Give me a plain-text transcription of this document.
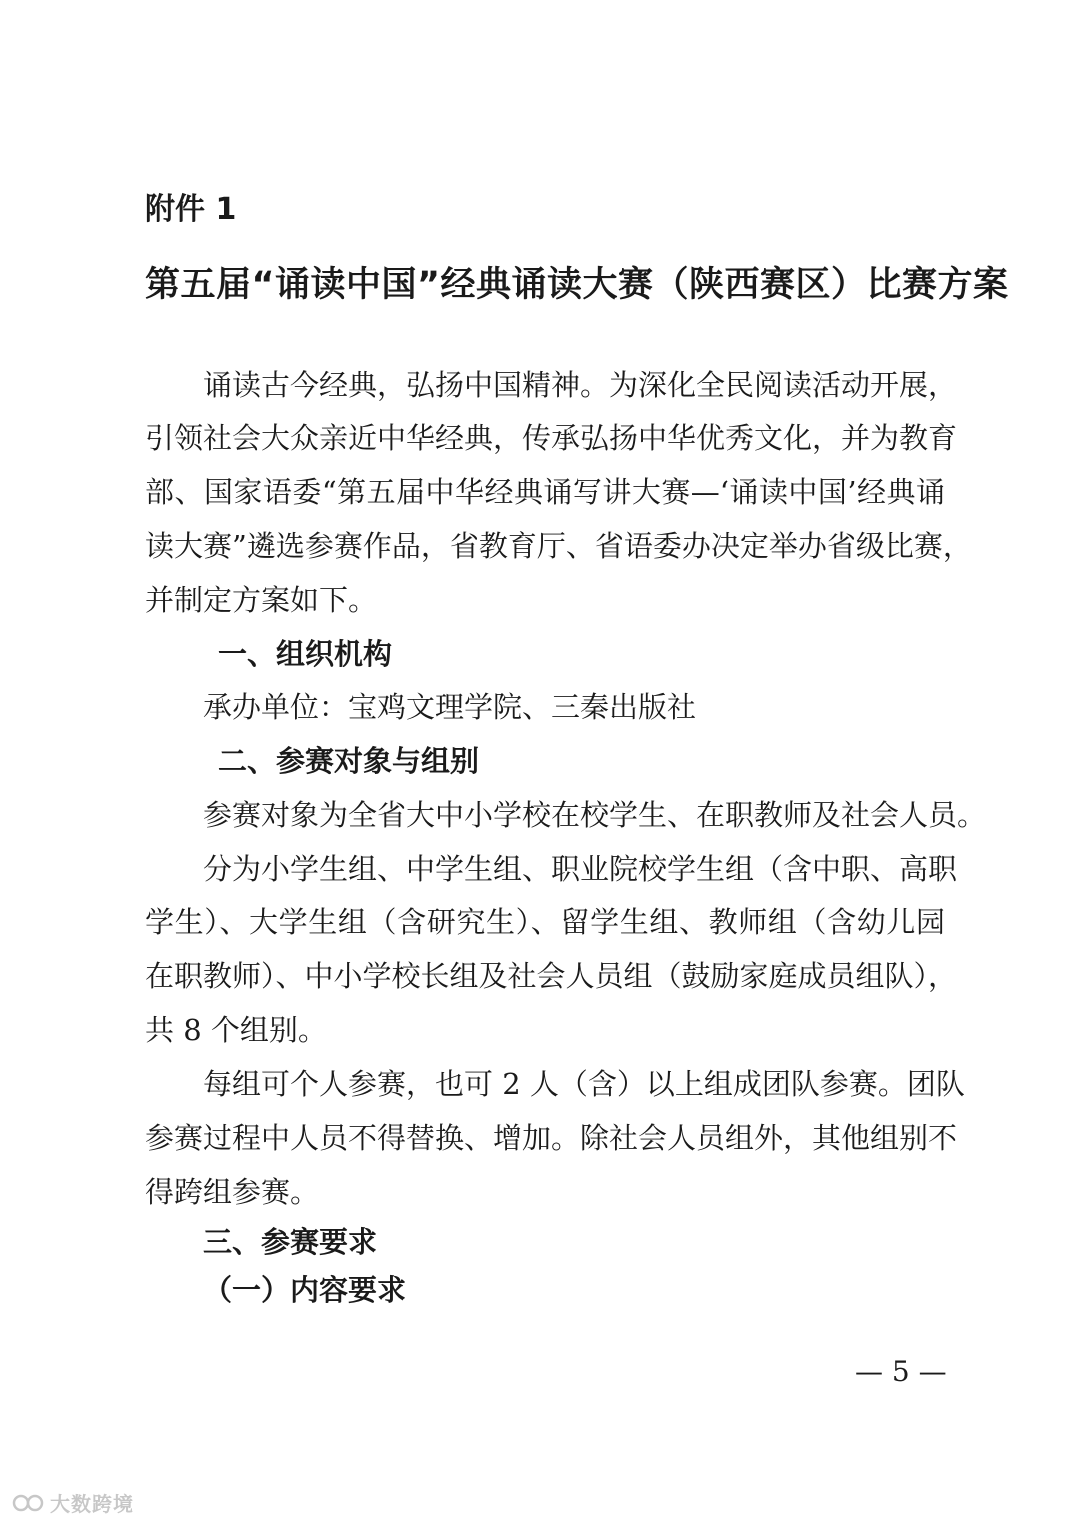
附件 1
第五届“诵读中国”经典诵读大赛（陕西赛区）比赛方案
诵读古今经典，弘扬中国精神。为深化全民阅读活动开展，
引领社会大众亲近中华经典，传承弘扬中华优秀文化，并为教育
部、国家语委“第五届中华经典诵写讲大赛—‘诵读中国’经典诵
读大赛”遴选参赛作品，省教育厅、省语委办决定举办省级比赛，
并制定方案如下。
一、组织机构
承办单位：宝鸡文理学院、三秦出版社
二、参赛对象与组别
参赛对象为全省大中小学校在校学生、在职教师及社会人员。
分为小学生组、中学生组、职业院校学生组（含中职、高职
学生）、大学生组（含研究生）、留学生组、教师组（含幼儿园
在职教师）、中小学校长组及社会人员组（鼓励家庭成员组队），
共 8 个组别。
每组可个人参赛，也可 2 人（含）以上组成团队参赛。团队
参赛过程中人员不得替换、增加。除社会人员组外，其他组别不
得跨组参赛。
三、参赛要求
（一）内容要求
— 5 —
大数跨境
